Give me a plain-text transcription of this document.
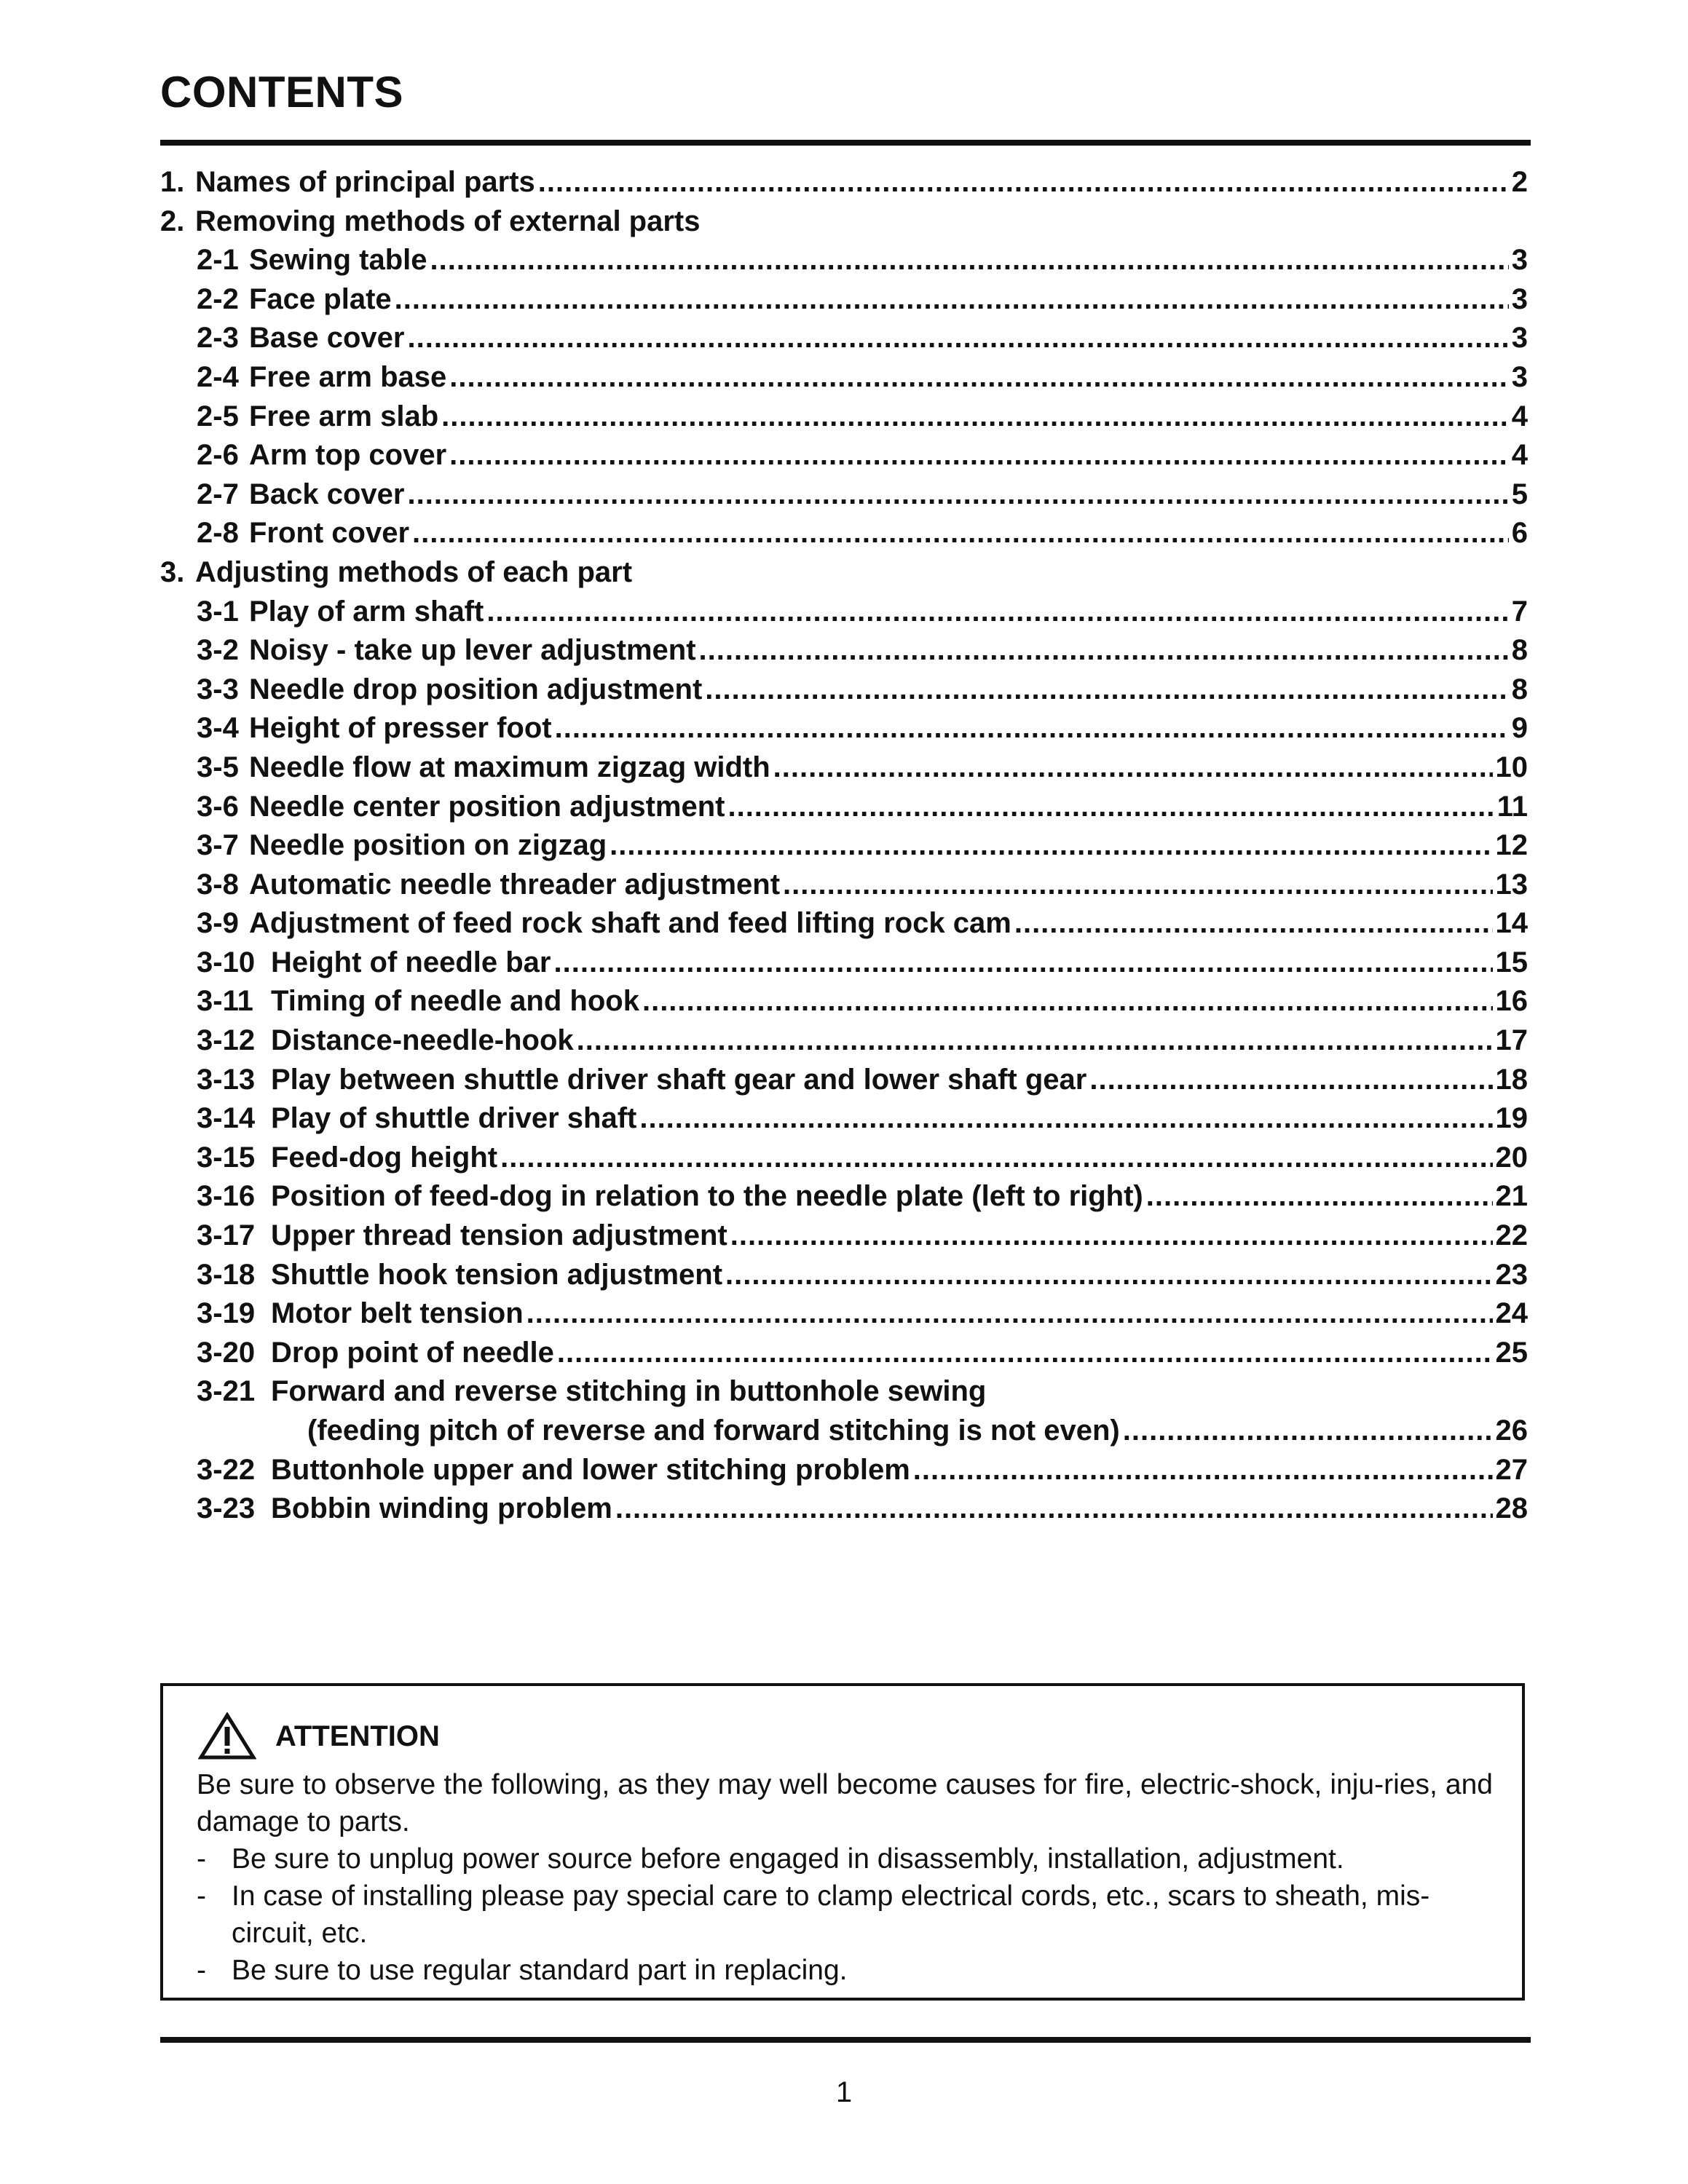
CONTENTS
1. Names of principal parts .....	2
2. Removing methods of external parts
2-1 Sewing table .....	3
2-2 Face plate .....	3
2-3 Base cover .....	3
2-4 Free arm base .....	3
2-5 Free arm slab .....	4
2-6 Arm top cover .....	4
2-7 Back cover .....	5
2-8 Front cover .....	6
3. Adjusting methods of each part
3-1 Play of arm shaft .....	7
3-2 Noisy - take up lever adjustment .....	8
3-3 Needle drop position adjustment .....	8
3-4 Height of presser foot .....	9
3-5 Needle flow at maximum zigzag width .....	10
3-6 Needle center position adjustment .....	11
3-7 Needle position on zigzag .....	12
3-8 Automatic needle threader adjustment .....	13
3-9 Adjustment of feed rock shaft and feed lifting rock cam .....	14
3-10 Height of needle bar .....	15
3-11 Timing of needle and hook .....	16
3-12 Distance-needle-hook .....	17
3-13 Play between shuttle driver shaft gear and lower shaft gear .....	18
3-14 Play of shuttle driver shaft .....	19
3-15 Feed-dog height .....	20
3-16 Position of feed-dog in relation to the needle plate (left to right) .....	21
3-17 Upper thread tension adjustment .....	22
3-18 Shuttle hook tension adjustment .....	23
3-19 Motor belt tension .....	24
3-20 Drop point of needle .....	25
3-21 Forward and reverse stitching in buttonhole sewing
(feeding pitch of reverse and forward stitching is not even) .....	26
3-22 Buttonhole upper and lower stitching problem .....	27
3-23 Bobbin winding problem .....	28
ATTENTION
Be sure to observe the following, as they may well become causes for fire, electric-shock, inju-ries, and damage to parts.
- Be sure to unplug power source before engaged in disassembly, installation, adjustment.
- In case of installing please pay special care to clamp electrical cords, etc., scars to sheath, mis-circuit, etc.
- Be sure to use regular standard part in replacing.
1
